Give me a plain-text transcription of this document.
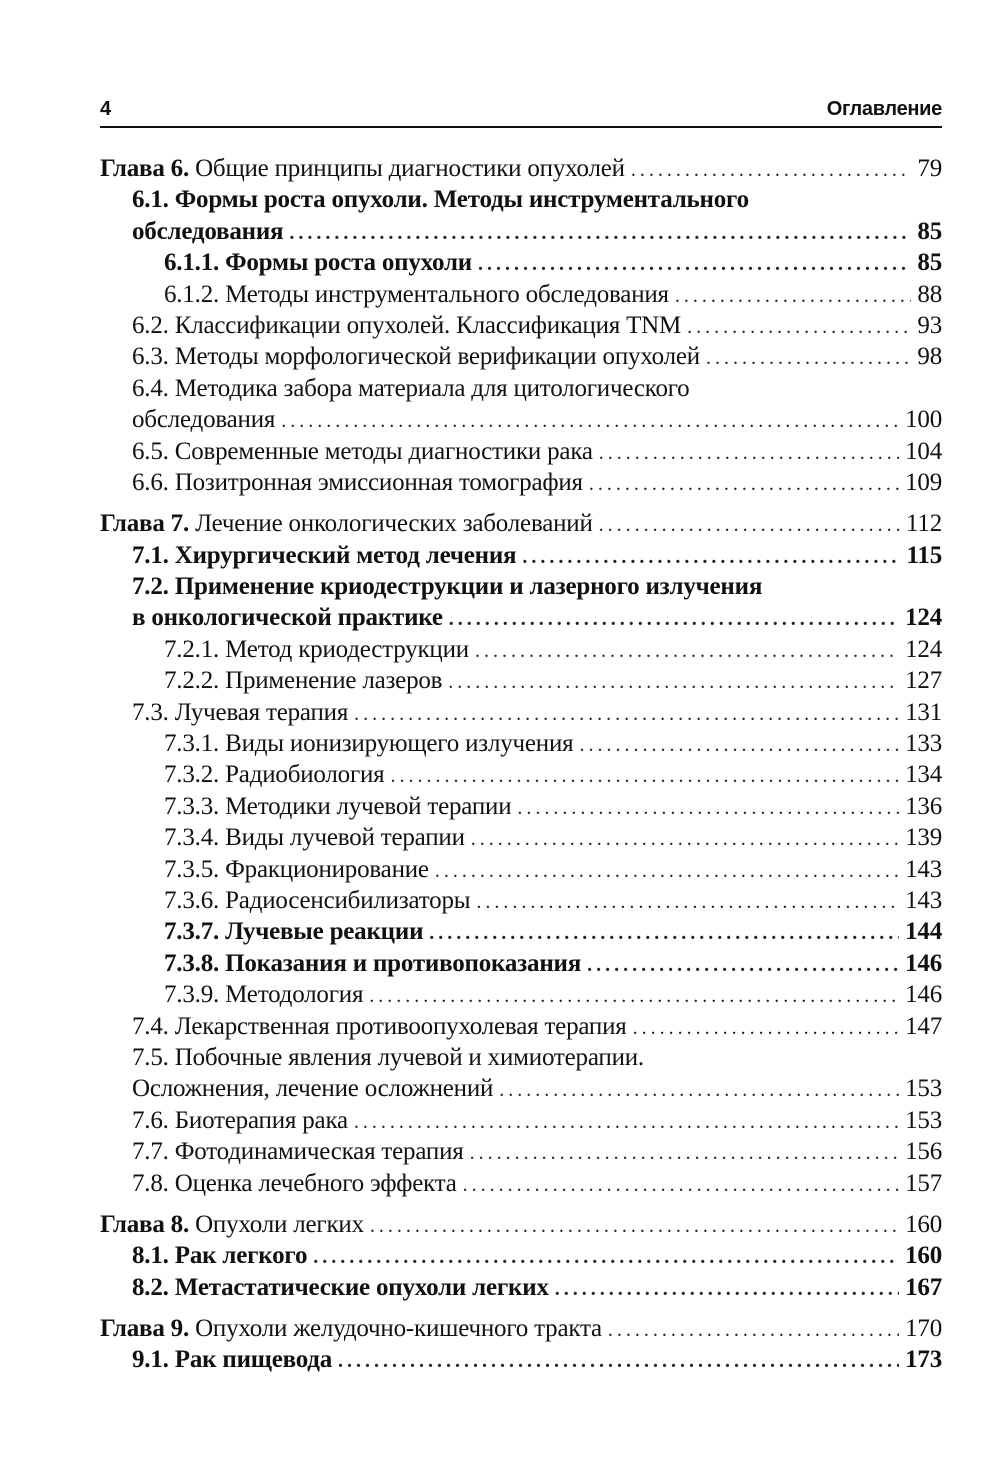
4	Оглавление
Глава 6. Общие принципы диагностики опухолей .....	79
6.1. Формы роста опухоли. Методы инструментального
обследования .....	85
6.1.1. Формы роста опухоли .....	85
6.1.2. Методы инструментального обследования .....	88
6.2. Классификации опухолей. Классификация TNM .....	93
6.3. Методы морфологической верификации опухолей .....	98
6.4. Методика забора материала для цитологического
обследования .....	100
6.5. Современные методы диагностики рака .....	104
6.6. Позитронная эмиссионная томография .....	109
Глава 7. Лечение онкологических заболеваний .....	112
7.1. Хирургический метод лечения .....	115
7.2. Применение криодеструкции и лазерного излучения
в онкологической практике .....	124
7.2.1. Метод криодеструкции .....	124
7.2.2. Применение лазеров .....	127
7.3. Лучевая терапия .....	131
7.3.1. Виды ионизирующего излучения .....	133
7.3.2. Радиобиология .....	134
7.3.3. Методики лучевой терапии .....	136
7.3.4. Виды лучевой терапии .....	139
7.3.5. Фракционирование .....	143
7.3.6. Радиосенсибилизаторы .....	143
7.3.7. Лучевые реакции .....	144
7.3.8. Показания и противопоказания .....	146
7.3.9. Методология .....	146
7.4. Лекарственная противоопухолевая терапия .....	147
7.5. Побочные явления лучевой и химиотерапии.
Осложнения, лечение осложнений .....	153
7.6. Биотерапия рака .....	153
7.7. Фотодинамическая терапия .....	156
7.8. Оценка лечебного эффекта .....	157
Глава 8. Опухоли легких .....	160
8.1. Рак легкого .....	160
8.2. Метастатические опухоли легких .....	167
Глава 9. Опухоли желудочно-кишечного тракта .....	170
9.1. Рак пищевода .....	173
